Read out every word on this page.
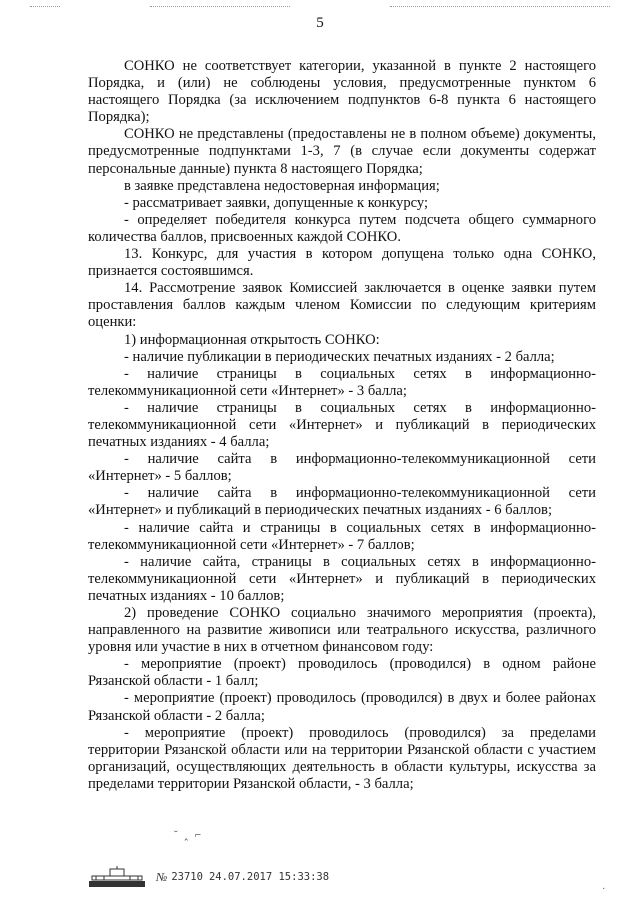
5

СОНКО не соответствует категории, указанной в пункте 2 настоящего Порядка, и (или) не соблюдены условия, предусмотренные пунктом 6 настоящего Порядка (за исключением подпунктов 6-8 пункта 6 настоящего Порядка);

СОНКО не представлены (предоставлены не в полном объеме) документы, предусмотренные подпунктами 1-3, 7 (в случае если документы содержат персональные данные) пункта 8 настоящего Порядка;

в заявке представлена недостоверная информация;

- рассматривает заявки, допущенные к конкурсу;

- определяет победителя конкурса путем подсчета общего суммарного количества баллов, присвоенных каждой СОНКО.

13. Конкурс, для участия в котором допущена только одна СОНКО, признается состоявшимся.

14. Рассмотрение заявок Комиссией заключается в оценке заявки путем проставления баллов каждым членом Комиссии по следующим критериям оценки:

1) информационная открытость СОНКО:

- наличие публикации в периодических печатных изданиях - 2 балла;

- наличие страницы в социальных сетях в информационно-телекоммуникационной сети «Интернет» - 3 балла;

- наличие страницы в социальных сетях в информационно-телекоммуникационной сети «Интернет» и публикаций в периодических печатных изданиях - 4 балла;

- наличие сайта в информационно-телекоммуникационной сети «Интернет» - 5 баллов;

- наличие сайта в информационно-телекоммуникационной сети «Интернет» и публикаций в периодических печатных изданиях - 6 баллов;

- наличие сайта и страницы в социальных сетях в информационно-телекоммуникационной сети «Интернет» - 7 баллов;

- наличие сайта, страницы в социальных сетях в информационно-телекоммуникационной сети «Интернет» и публикаций в периодических печатных изданиях - 10 баллов;

2) проведение СОНКО социально значимого мероприятия (проекта), направленного на развитие живописи или театрального искусства, различного уровня или участие в них в отчетном финансовом году:

- мероприятие (проект) проводилось (проводился) в одном районе Рязанской области - 1 балл;

- мероприятие (проект) проводилось (проводился) в двух и более районах Рязанской области - 2 балла;

- мероприятие (проект) проводилось (проводился) за пределами территории Рязанской области или на территории Рязанской области с участием организаций, осуществляющих деятельность в области культуры, искусства за пределами территории Рязанской области, - 3 балла;

˘ ‸ ⌐
№ 23710 24.07.2017 15:33:38
·
